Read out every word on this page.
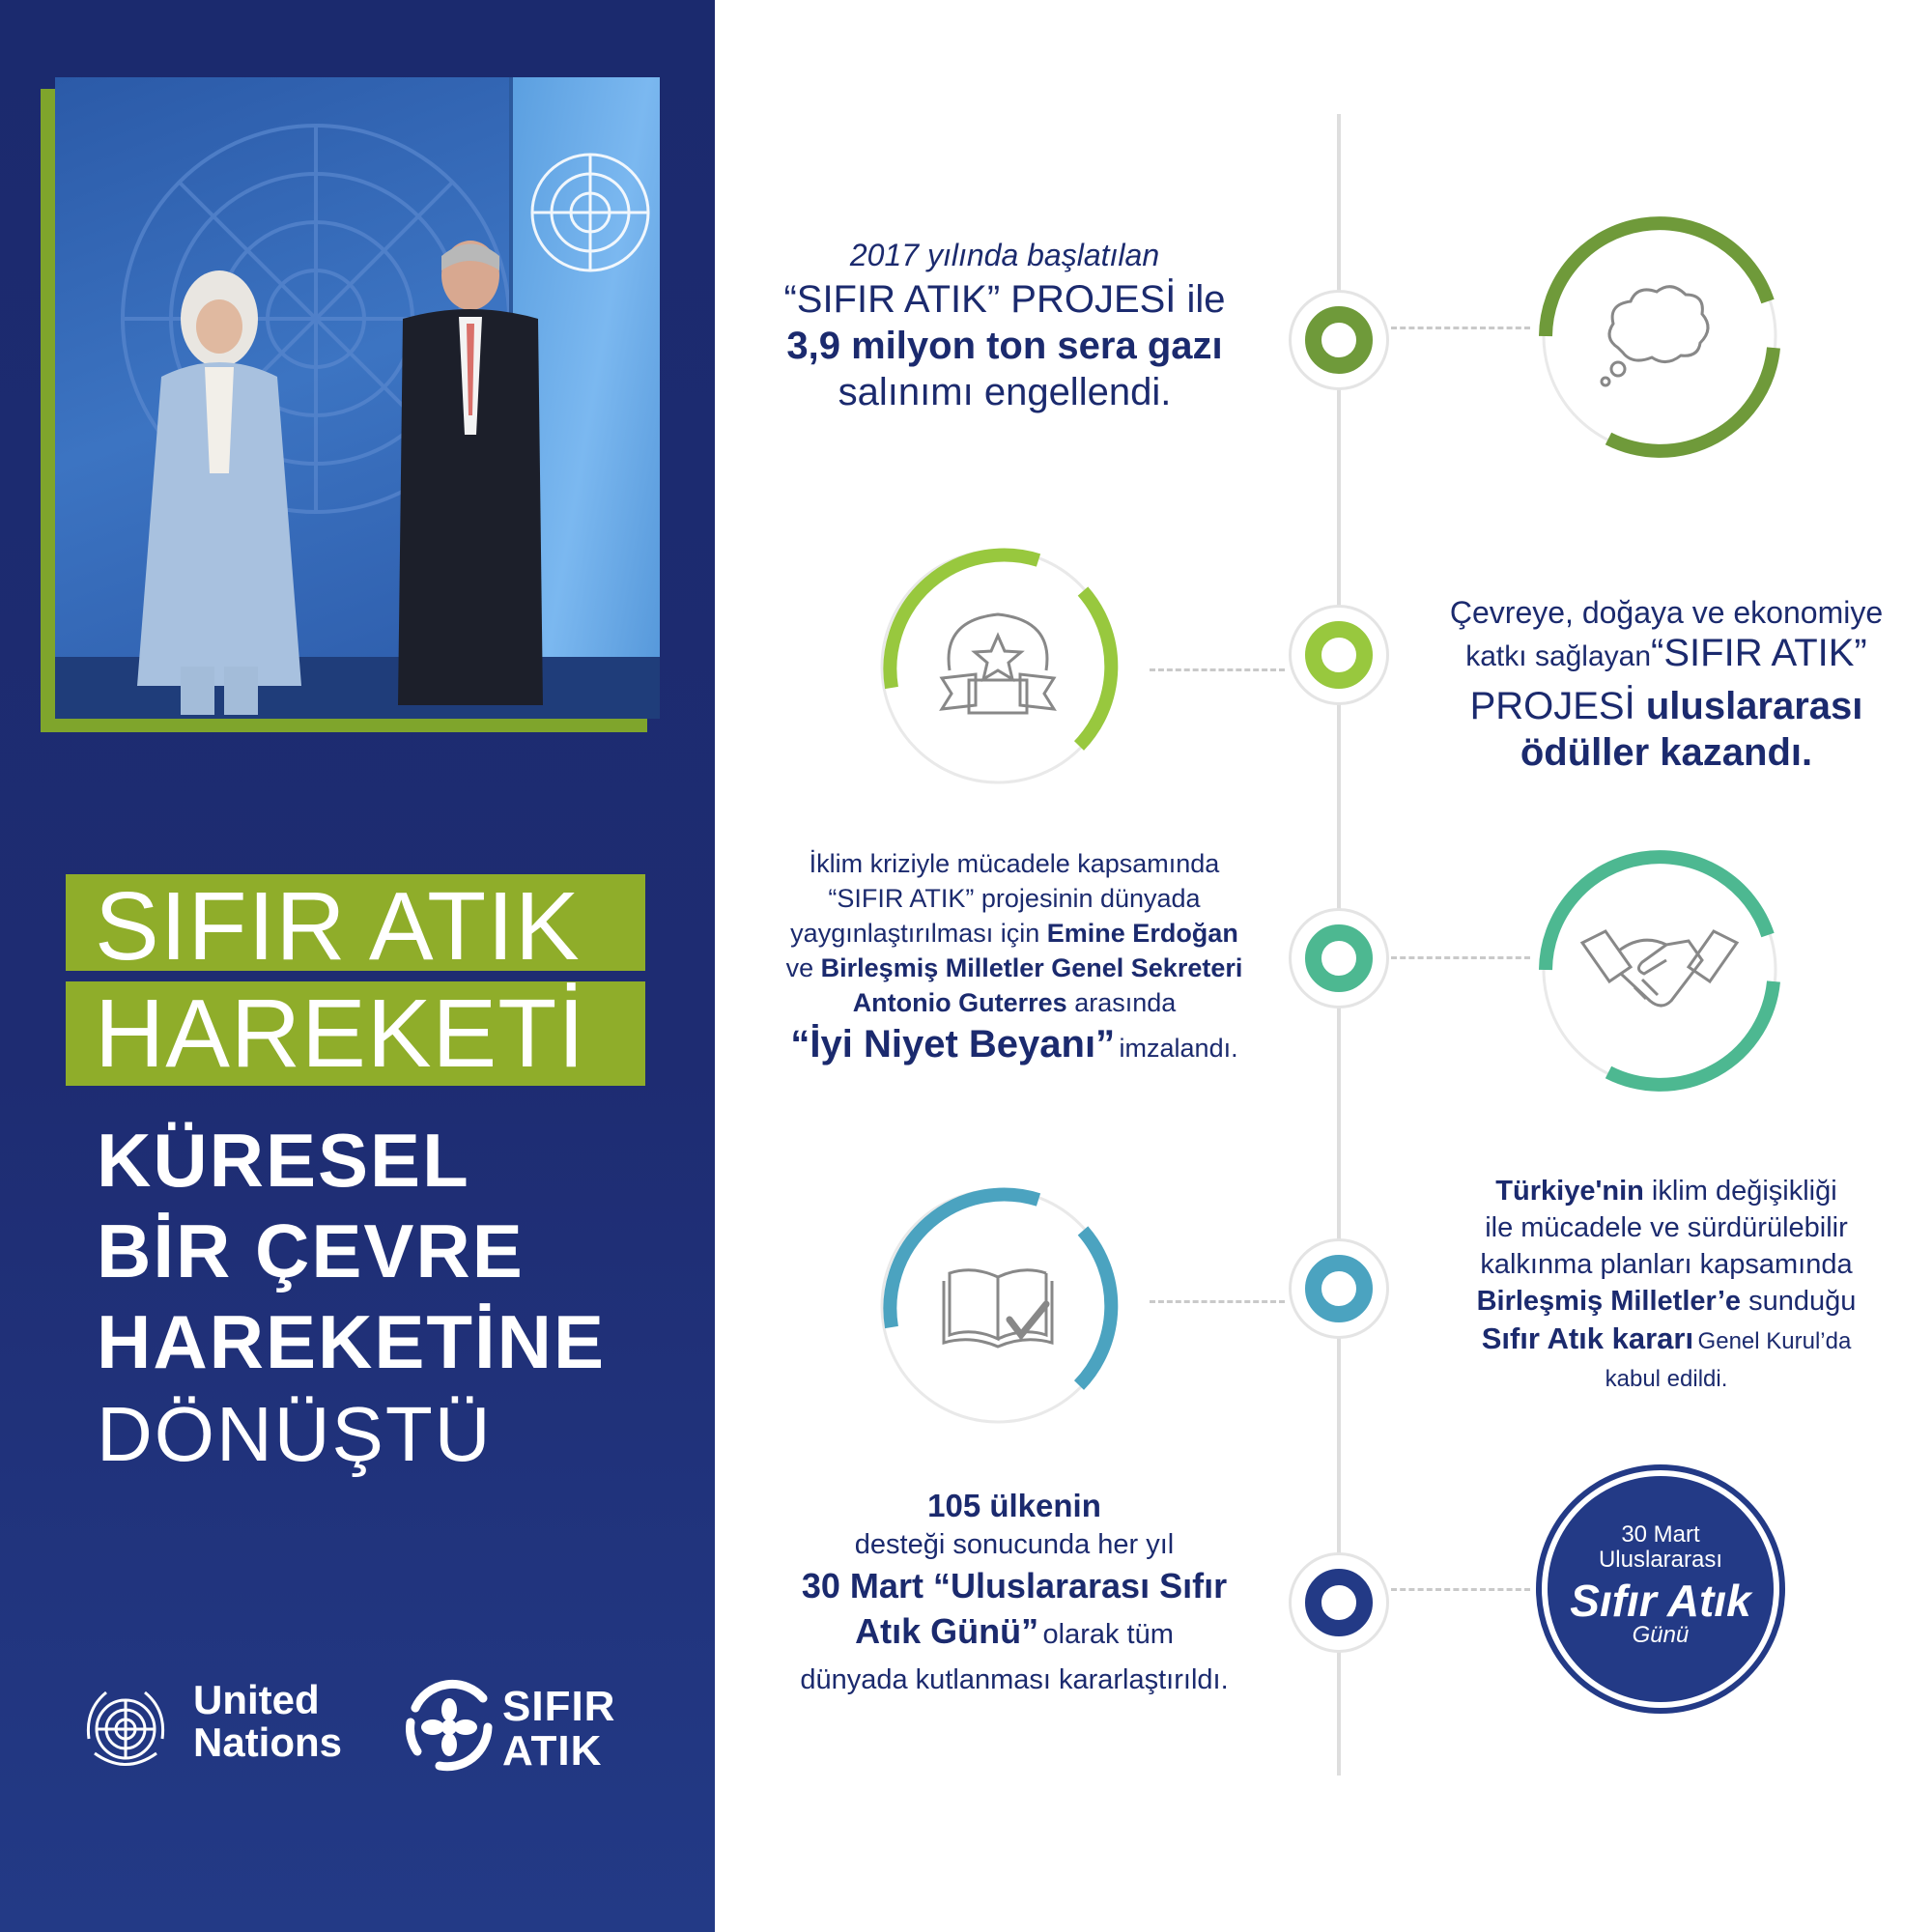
SIFIR ATIK
HAREKETİ
KÜRESEL
BİR ÇEVRE
HAREKETİNE
DÖNÜŞTÜ
United
Nations
SIFIR
ATIK
30 Mart
Uluslararası
Sıfır Atık
Günü
2017 yılında başlatılan
“SIFIR ATIK” PROJESİ ile
3,9 milyon ton sera gazı
salınımı engellendi.
Çevreye, doğaya ve ekonomiye
katkı sağlayan“SIFIR ATIK”
PROJESİ uluslararası
ödüller kazandı.
İklim kriziyle mücadele kapsamında
“SIFIR ATIK” projesinin dünyada
yaygınlaştırılması için Emine Erdoğan
ve Birleşmiş Milletler Genel Sekreteri
Antonio Guterres arasında
“İyi Niyet Beyanı” imzalandı.
Türkiye'nin iklim değişikliği
ile mücadele ve sürdürülebilir
kalkınma planları kapsamında
Birleşmiş Milletler’e sunduğu
Sıfır Atık kararı Genel Kurul’da
kabul edildi.
105 ülkenin
desteği sonucunda her yıl
30 Mart “Uluslararası Sıfır
Atık Günü” olarak tüm
dünyada kutlanması kararlaştırıldı.
